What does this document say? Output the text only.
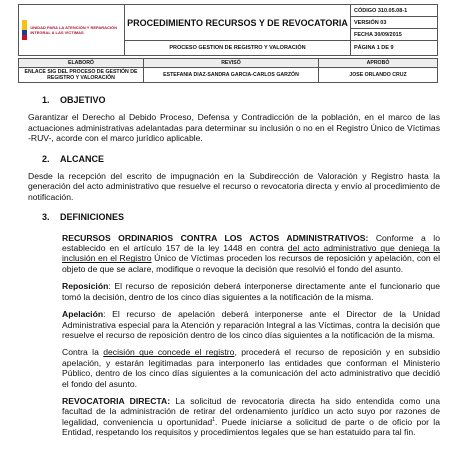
UNIDAD PARA LA ATENCIÓN Y REPARACIÓN INTEGRAL A LAS VÍCTIMAS	PROCEDIMIENTO RECURSOS Y DE REVOCATORIA	CÓDIGO 310.05.08-1
		VERSIÓN 03
		FECHA 30/09/2015
	PROCESO GESTION DE REGISTRO Y VALORACIÓN	PÁGINA 1 DE 9
ELABORÓ	REVISÓ	APROBÓ
ENLACE SIG DEL PROCESO DE GESTIÓN DE REGISTRO Y VALORACIÓN	ESTEFANIA DIAZ-SANDRA GARCIA-CARLOS GARZÓN	JOSE ORLANDO CRUZ
1. OBJETIVO

Garantizar el Derecho al Debido Proceso, Defensa y Contradicción de la población, en el marco de las actuaciones administrativas adelantadas para determinar su inclusión o no en el Registro Único de Víctimas -RUV-, acorde con el marco jurídico aplicable.

2. ALCANCE

Desde la recepción del escrito de impugnación en la Subdirección de Valoración y Registro hasta la generación del acto administrativo que resuelve el recurso o revocatoria directa y envío al procedimiento de notificación.

3. DEFINICIONES

RECURSOS ORDINARIOS CONTRA LOS ACTOS ADMINISTRATIVOS: Conforme a lo establecido en el artículo 157 de la ley 1448 en contra del acto administrativo que deniega la inclusión en el Registro Único de Víctimas proceden los recursos de reposición y apelación, con el objeto de que se aclare, modifique o revoque la decisión que resolvió el fondo del asunto.

Reposición: El recurso de reposición deberá interponerse directamente ante el funcionario que tomó la decisión, dentro de los cinco días siguientes a la notificación de la misma.

Apelación: El recurso de apelación deberá interponerse ante el Director de la Unidad Administrativa especial para la Atención y reparación Integral a las Víctimas, contra la decisión que resuelve el recurso de reposición dentro de los cinco días siguientes a la notificación de la misma.

Contra la decisión que concede el registro, procederá el recurso de reposición y en subsidio apelación, y estarán legitimadas para interponerlo las entidades que conforman el Ministerio Público, dentro de los cinco días siguientes a la comunicación del acto administrativo que decidió el fondo del asunto.

REVOCATORIA DIRECTA: La solicitud de revocatoria directa ha sido entendida como una facultad de la administración de retirar del ordenamiento jurídico un acto suyo por razones de legalidad, conveniencia u oportunidad$^1$. Puede iniciarse a solicitud de parte o de oficio por la Entidad, respetando los requisitos y procedimientos legales que se han estatuido para tal fin.
